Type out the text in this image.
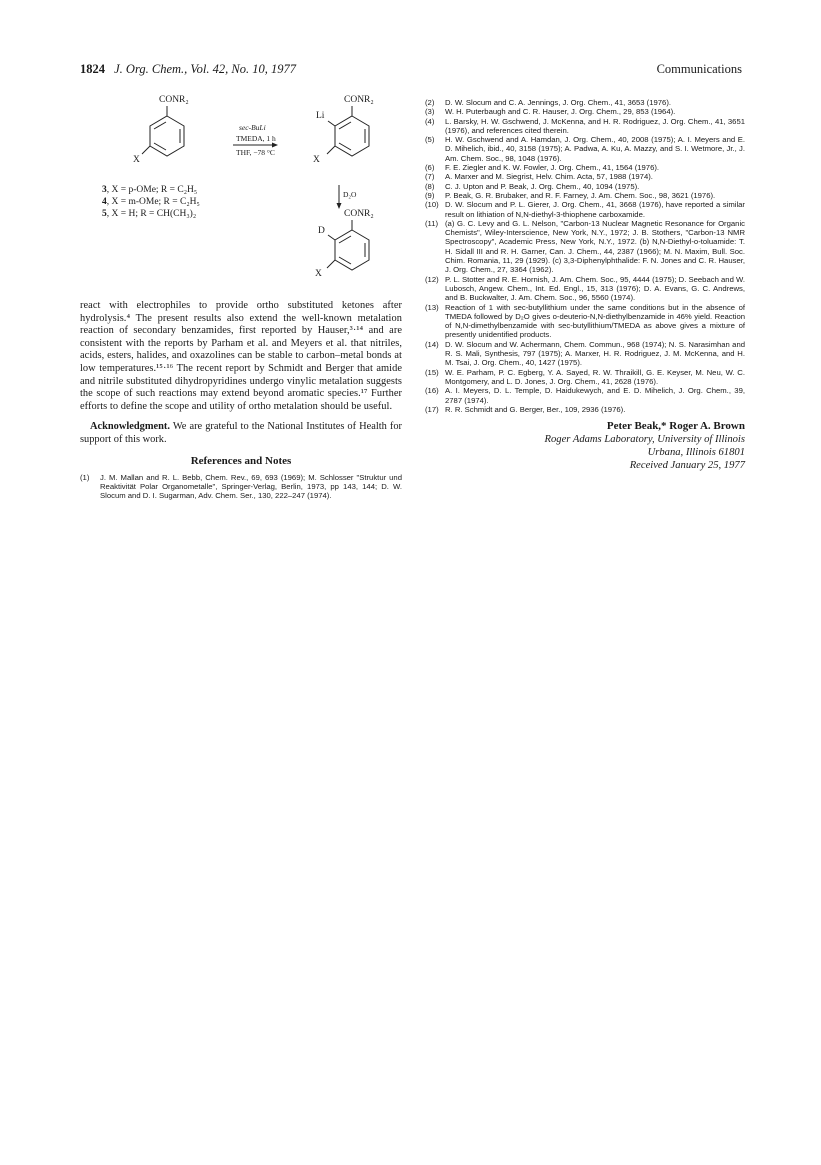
1824 J. Org. Chem., Vol. 42, No. 10, 1977	Communications
CONR₂
X
sec-BuLi
TMEDA, 1 h
THF, −78 °C
CONR₂
Li
X
D₂O
CONR₂
D
X
3, X = p-OMe; R = C₂H₅
4, X = m-OMe; R = C₂H₅
5, X = H; R = CH(CH₃)₂

react with electrophiles to provide ortho substituted ketones after hydrolysis.⁴ The present results also extend the well-known metalation reaction of secondary benzamides, first reported by Hauser,³·¹⁴ and are consistent with the reports by Parham et al. and Meyers et al. that nitriles, acids, esters, halides, and oxazolines can be stable to carbon–metal bonds at low temperatures.¹⁵·¹⁶ The recent report by Schmidt and Berger that amide and nitrile substituted dihydropyridines undergo vinylic metalation suggests the scope of such reactions may extend beyond aromatic species.¹⁷ Further efforts to define the scope and utility of ortho metalation should be useful.

Acknowledgment. We are grateful to the National Institutes of Health for support of this work.

References and Notes
(1)	J. M. Mallan and R. L. Bebb, Chem. Rev., 69, 693 (1969); M. Schlosser "Struktur und Reaktivität Polar Organometalle", Springer-Verlag, Berlin, 1973, pp 143, 144; D. W. Slocum and D. I. Sugarman, Adv. Chem. Ser., 130, 222–247 (1974).
(2)	D. W. Slocum and C. A. Jennings, J. Org. Chem., 41, 3653 (1976).
(3)	W. H. Puterbaugh and C. R. Hauser, J. Org. Chem., 29, 853 (1964).
(4)	L. Barsky, H. W. Gschwend, J. McKenna, and H. R. Rodriguez, J. Org. Chem., 41, 3651 (1976), and references cited therein.
(5)	H. W. Gschwend and A. Hamdan, J. Org. Chem., 40, 2008 (1975); A. I. Meyers and E. D. Mihelich, ibid., 40, 3158 (1975); A. Padwa, A. Ku, A. Mazzy, and S. I. Wetmore, Jr., J. Am. Chem. Soc., 98, 1048 (1976).
(6)	F. E. Ziegler and K. W. Fowler, J. Org. Chem., 41, 1564 (1976).
(7)	A. Marxer and M. Siegrist, Helv. Chim. Acta, 57, 1988 (1974).
(8)	C. J. Upton and P. Beak, J. Org. Chem., 40, 1094 (1975).
(9)	P. Beak, G. R. Brubaker, and R. F. Farney, J. Am. Chem. Soc., 98, 3621 (1976).
(10) D. W. Slocum and P. L. Gierer, J. Org. Chem., 41, 3668 (1976), have reported a similar result on lithiation of N,N-diethyl-3-thiophene carboxamide.
(11) (a) G. C. Levy and G. L. Nelson, "Carbon-13 Nuclear Magnetic Resonance for Organic Chemists", Wiley-Interscience, New York, N.Y., 1972; J. B. Stothers, "Carbon-13 NMR Spectroscopy", Academic Press, New York, N.Y., 1972. (b) N,N-Diethyl-o-toluamide: T. H. Sidall III and R. H. Garner, Can. J. Chem., 44, 2387 (1966); M. N. Maxim, Bull. Soc. Chim. Romania, 11, 29 (1929). (c) 3,3-Diphenylphthalide: F. N. Jones and C. R. Hauser, J. Org. Chem., 27, 3364 (1962).
(12) P. L. Stotter and R. E. Hornish, J. Am. Chem. Soc., 95, 4444 (1975); D. Seebach and W. Lubosch, Angew. Chem., Int. Ed. Engl., 15, 313 (1976); D. A. Evans, G. C. Andrews, and B. Buckwalter, J. Am. Chem. Soc., 96, 5560 (1974).
(13) Reaction of 1 with sec-butyllithium under the same conditions but in the absence of TMEDA followed by D₂O gives o-deuterio-N,N-diethylbenzamide in 46% yield. Reaction of N,N-dimethylbenzamide with sec-butyllithium/TMEDA as above gives a mixture of presently unidentified products.
(14) D. W. Slocum and W. Achermann, Chem. Commun., 968 (1974); N. S. Narasimhan and R. S. Mali, Synthesis, 797 (1975); A. Marxer, H. R. Rodriguez, J. M. McKenna, and H. M. Tsai, J. Org. Chem., 40, 1427 (1975).
(15) W. E. Parham, P. C. Egberg, Y. A. Sayed, R. W. Thraikill, G. E. Keyser, M. Neu, W. C. Montgomery, and L. D. Jones, J. Org. Chem., 41, 2628 (1976).
(16) A. I. Meyers, D. L. Temple, D. Haidukewych, and E. D. Mihelich, J. Org. Chem., 39, 2787 (1974).
(17) R. R. Schmidt and G. Berger, Ber., 109, 2936 (1976).
Peter Beak,* Roger A. Brown
Roger Adams Laboratory, University of Illinois
Urbana, Illinois 61801
Received January 25, 1977
